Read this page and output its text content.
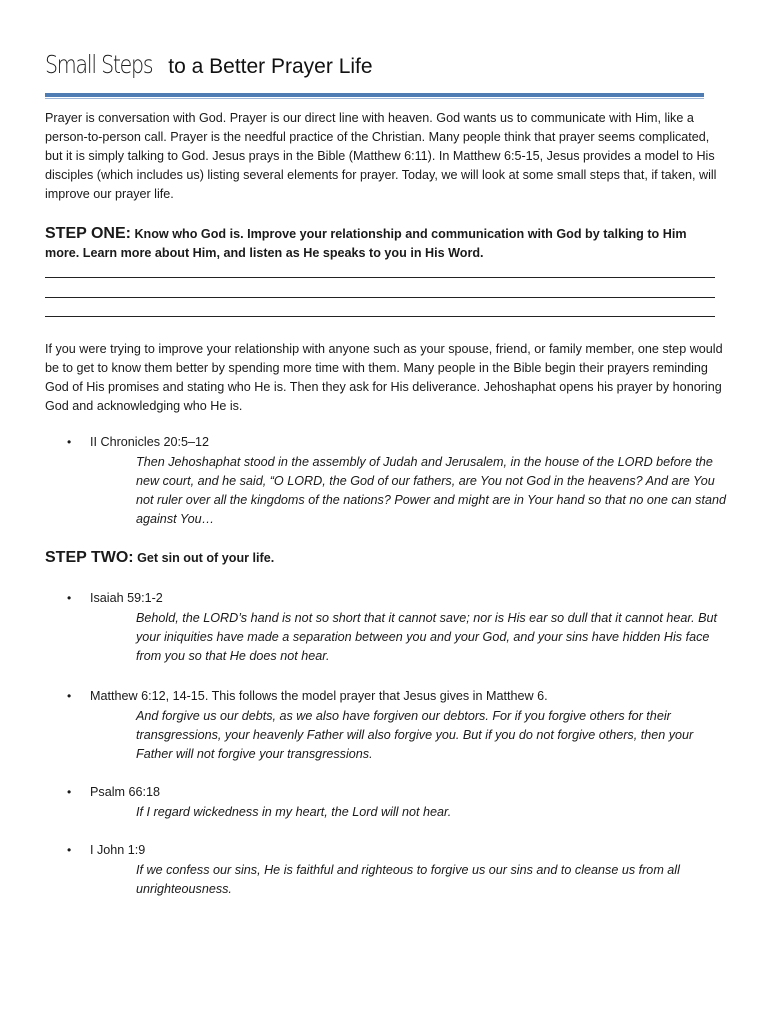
Small Steps to a Better Prayer Life

Prayer is conversation with God. Prayer is our direct line with heaven. God wants us to communicate with Him, like a person-to-person call. Prayer is the needful practice of the Christian. Many people think that prayer seems complicated, but it is simply talking to God. Jesus prays in the Bible (Matthew 6:11). In Matthew 6:5-15, Jesus provides a model to His disciples (which includes us) listing several elements for prayer. Today, we will look at some small steps that, if taken, will improve our prayer life.

STEP ONE: Know who God is. Improve your relationship and communication with God by talking to Him more. Learn more about Him, and listen as He speaks to you in His Word.

If you were trying to improve your relationship with anyone such as your spouse, friend, or family member, one step would be to get to know them better by spending more time with them. Many people in the Bible begin their prayers reminding God of His promises and stating who He is. Then they ask for His deliverance. Jehoshaphat opens his prayer by honoring God and acknowledging who He is.

• II Chronicles 20:5–12
Then Jehoshaphat stood in the assembly of Judah and Jerusalem, in the house of the LORD before the new court, and he said, “O LORD, the God of our fathers, are You not God in the heavens? And are You not ruler over all the kingdoms of the nations? Power and might are in Your hand so that no one can stand against You…
STEP TWO: Get sin out of your life.
• Isaiah 59:1-2
Behold, the LORD’s hand is not so short that it cannot save; nor is His ear so dull that it cannot hear. But your iniquities have made a separation between you and your God, and your sins have hidden His face from you so that He does not hear.
• Matthew 6:12, 14-15. This follows the model prayer that Jesus gives in Matthew 6.
And forgive us our debts, as we also have forgiven our debtors. For if you forgive others for their transgressions, your heavenly Father will also forgive you. But if you do not forgive others, then your Father will not forgive your transgressions.
• Psalm 66:18
If I regard wickedness in my heart, the Lord will not hear.
• I John 1:9
If we confess our sins, He is faithful and righteous to forgive us our sins and to cleanse us from all unrighteousness.
